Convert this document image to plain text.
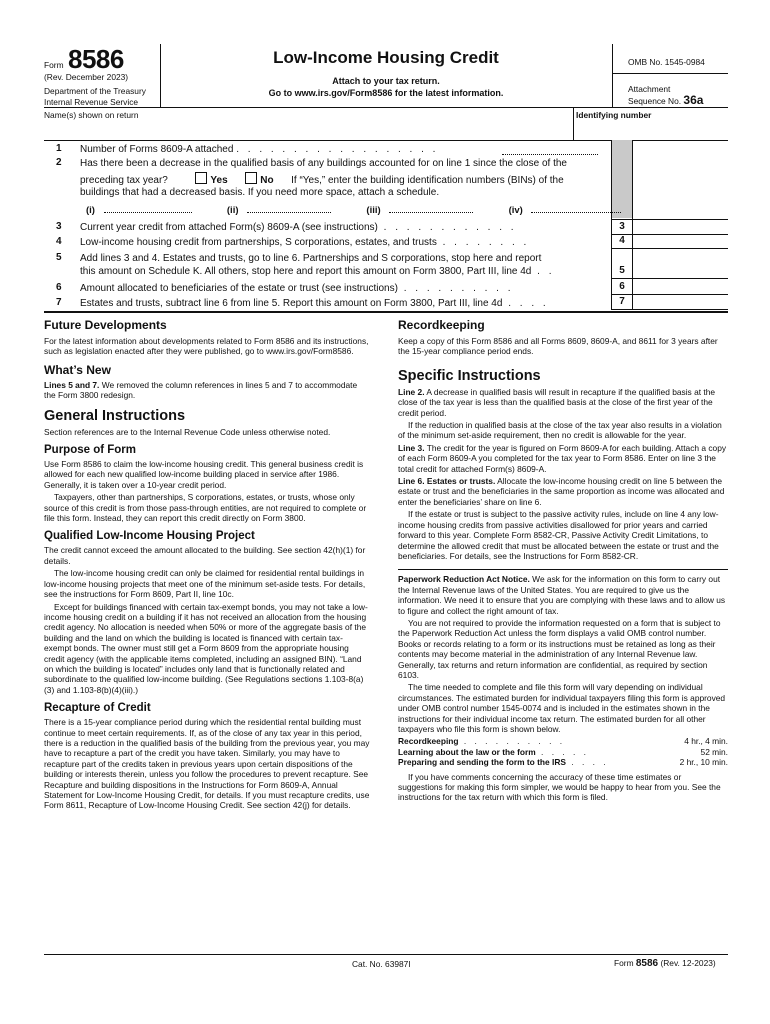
Form 8586
(Rev. December 2023)
Department of the Treasury
Internal Revenue Service
Low-Income Housing Credit
Attach to your tax return.
Go to www.irs.gov/Form8586 for the latest information.
OMB No. 1545-0984
Attachment
Sequence No. 36a
Name(s) shown on return	Identifying number
1 Number of Forms 8609-A attached . . . . . . . . . . . . . . . . . .
2 Has there been a decrease in the qualified basis of any buildings accounted for on line 1 since the close of the
preceding tax year?	Yes	No If “Yes,” enter the building identification numbers (BINs) of the
buildings that had a decreased basis. If you need more space, attach a schedule.
(i)	(ii)	(iii)	(iv)
3 Current year credit from attached Form(s) 8609-A (see instructions) . . . . . . . . . . . .	3
4 Low-income housing credit from partnerships, S corporations, estates, and trusts . . . . . . . .	4
5 Add lines 3 and 4. Estates and trusts, go to line 6. Partnerships and S corporations, stop here and report
this amount on Schedule K. All others, stop here and report this amount on Form 3800, Part III, line 4d . .	5
6 Amount allocated to beneficiaries of the estate or trust (see instructions) . . . . . . . . . .	6
7 Estates and trusts, subtract line 6 from line 5. Report this amount on Form 3800, Part III, line 4d . . . .	7
Future Developments
For the latest information about developments related to Form 8586 and its instructions, such as legislation enacted after they were published, go to www.irs.gov/Form8586.
What’s New
Lines 5 and 7. We removed the column references in lines 5 and 7 to accommodate the Form 3800 redesign.
General Instructions
Section references are to the Internal Revenue Code unless otherwise noted.
Purpose of Form
Use Form 8586 to claim the low-income housing credit. This general business credit is allowed for each new qualified low-income building placed in service after 1986. Generally, it is taken over a 10-year credit period.
Taxpayers, other than partnerships, S corporations, estates, or trusts, whose only source of this credit is from those pass-through entities, are not required to complete or file this form. Instead, they can report this credit directly on Form 3800.
Qualified Low-Income Housing Project
The credit cannot exceed the amount allocated to the building. See section 42(h)(1) for details.
The low-income housing credit can only be claimed for residential rental buildings in low-income housing projects that meet one of the minimum set-aside tests. For details, see the instructions for Form 8609, Part II, line 10c.
Except for buildings financed with certain tax-exempt bonds, you may not take a low-income housing credit on a building if it has not received an allocation from the housing credit agency. No allocation is needed when 50% or more of the aggregate basis of the building and the land on which the building is located is financed with certain tax-exempt bonds. The owner must still get a Form 8609 from the appropriate housing credit agency (with the applicable items completed, including an assigned BIN). “Land on which the building is located” includes only land that is functionally related and subordinate to the qualified low-income building. (See Regulations sections 1.103-8(a)(3) and 1.103-8(b)(4)(iii).)
Recapture of Credit
There is a 15-year compliance period during which the residential rental building must continue to meet certain requirements. If, as of the close of any tax year in this period, there is a reduction in the qualified basis of the building from the previous year, you may have to recapture a part of the credit you have taken. Similarly, you may have to recapture part of the credits taken in previous years upon certain dispositions of the building or interests therein, unless you follow the procedures to prevent recapture. See Recapture and building dispositions in the Instructions for Form 8609-A, Annual Statement for Low-Income Housing Credit, for details. If you must recapture credits, use Form 8611, Recapture of Low-Income Housing Credit. See section 42(j) for details.
Recordkeeping
Keep a copy of this Form 8586 and all Forms 8609, 8609-A, and 8611 for 3 years after the 15-year compliance period ends.
Specific Instructions
Line 2. A decrease in qualified basis will result in recapture if the qualified basis at the close of the tax year is less than the qualified basis at the close of the first year of the credit period.
If the reduction in qualified basis at the close of the tax year also results in a violation of the minimum set-aside requirement, then no credit is allowable for the year.
Line 3. The credit for the year is figured on Form 8609-A for each building. Attach a copy of each Form 8609-A you completed for the tax year to Form 8586. Enter on line 3 the total credit for attached Form(s) 8609-A.
Line 6. Estates or trusts. Allocate the low-income housing credit on line 5 between the estate or trust and the beneficiaries in the same proportion as income was allocated and enter the beneficiaries’ share on line 6.
If the estate or trust is subject to the passive activity rules, include on line 4 any low-income housing credits from passive activities disallowed for prior years and carried forward to this year. Complete Form 8582-CR, Passive Activity Credit Limitations, to determine the allowed credit that must be allocated between the estate or trust and the beneficiaries. For details, see the Instructions for Form 8582-CR.
Paperwork Reduction Act Notice. We ask for the information on this form to carry out the Internal Revenue laws of the United States. You are required to give us the information. We need it to ensure that you are complying with these laws and to allow us to figure and collect the right amount of tax.
You are not required to provide the information requested on a form that is subject to the Paperwork Reduction Act unless the form displays a valid OMB control number. Books or records relating to a form or its instructions must be retained as long as their contents may become material in the administration of any Internal Revenue law. Generally, tax returns and return information are confidential, as required by section 6103.
The time needed to complete and file this form will vary depending on individual circumstances. The estimated burden for individual taxpayers filing this form is approved under OMB control number 1545-0074 and is included in the estimates shown in the instructions for their individual income tax return. The estimated burden for all other taxpayers who file this form is shown below.
Recordkeeping . . . . . . . . . .	4 hr., 4 min.
Learning about the law or the form . . . . .	52 min.
Preparing and sending the form to the IRS . . . .	2 hr., 10 min.
If you have comments concerning the accuracy of these time estimates or suggestions for making this form simpler, we would be happy to hear from you. See the instructions for the tax return with which this form is filed.
Cat. No. 63987I	Form 8586 (Rev. 12-2023)
